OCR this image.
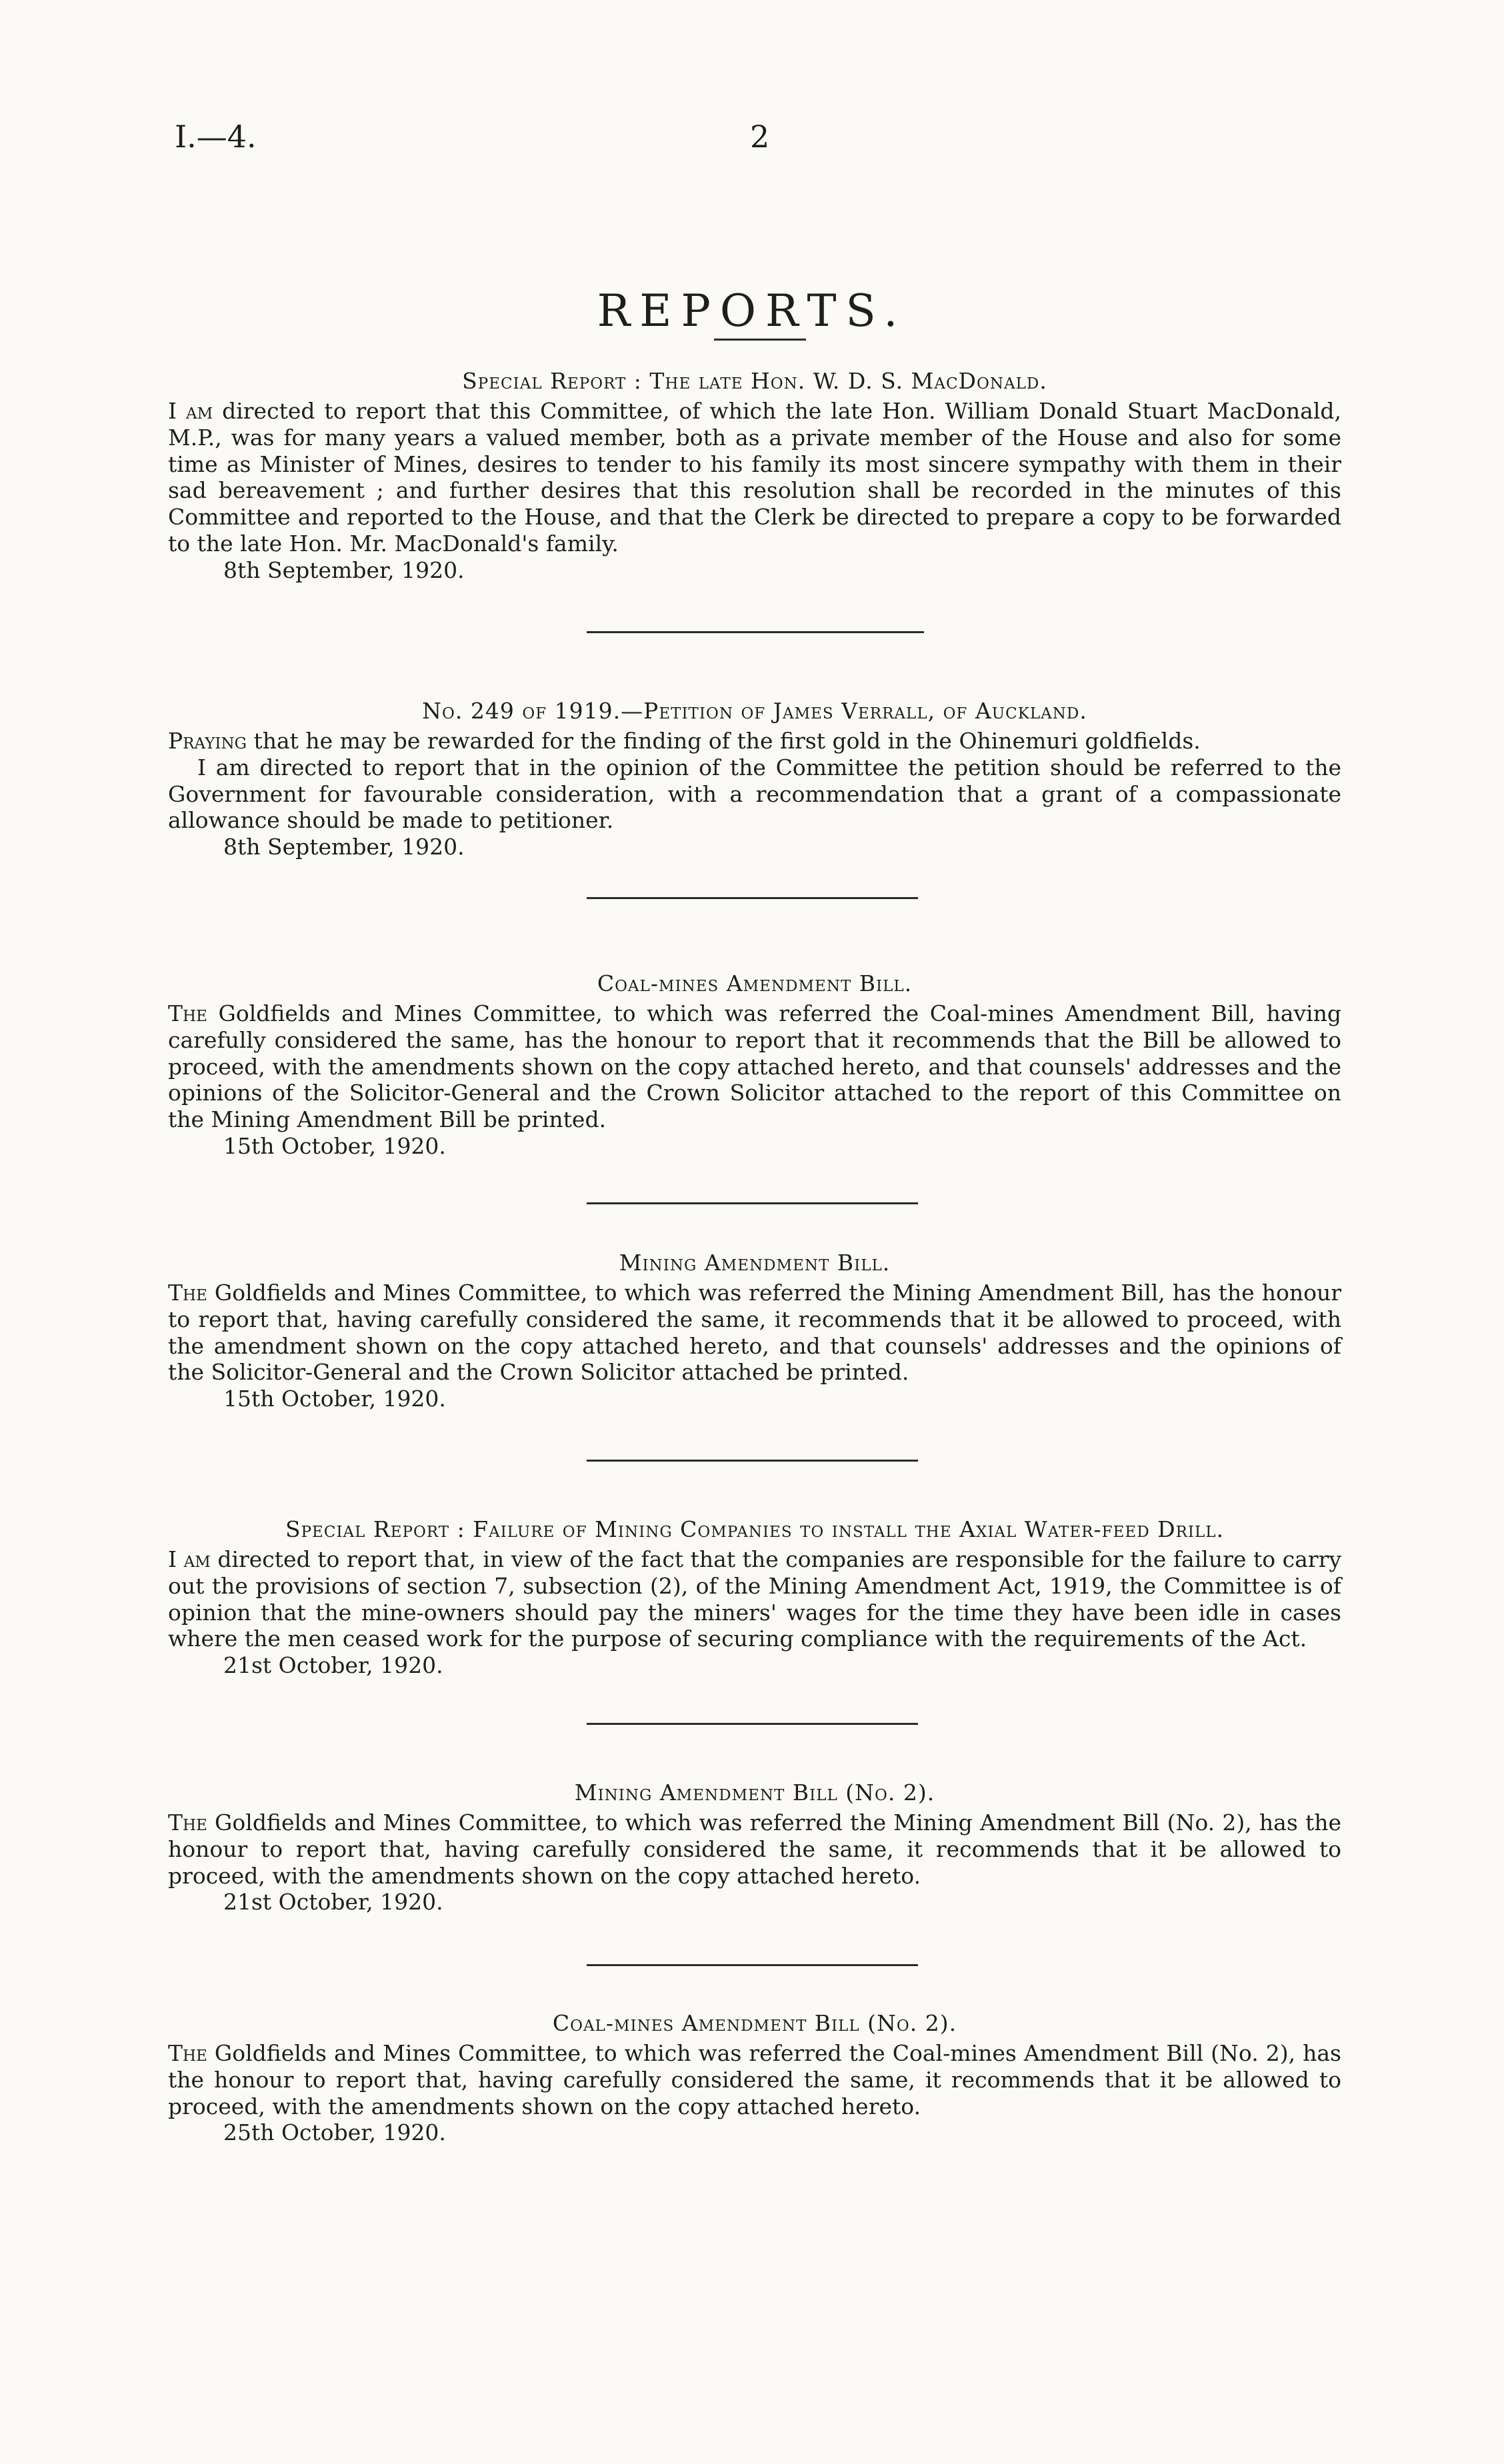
I.—4.	2
REPORTS.
Special Report : The late Hon. W. D. S. MacDonald.

I am directed to report that this Committee, of which the late Hon. William Donald Stuart MacDonald, M.P., was for many years a valued member, both as a private member of the House and also for some time as Minister of Mines, desires to tender to his family its most sincere sympathy with them in their sad bereavement ; and further desires that this resolution shall be recorded in the minutes of this Committee and reported to the House, and that the Clerk be directed to prepare a copy to be forwarded to the late Hon. Mr. MacDonald's family.

8th September, 1920.
No. 249 of 1919.—Petition of James Verrall, of Auckland.

Praying that he may be rewarded for the finding of the first gold in the Ohinemuri goldfields.

I am directed to report that in the opinion of the Committee the petition should be referred to the Government for favourable consideration, with a recommendation that a grant of a compassionate allowance should be made to petitioner.

8th September, 1920.
Coal-mines Amendment Bill.

The Goldfields and Mines Committee, to which was referred the Coal-mines Amendment Bill, having carefully considered the same, has the honour to report that it recommends that the Bill be allowed to proceed, with the amendments shown on the copy attached hereto, and that counsels' addresses and the opinions of the Solicitor-General and the Crown Solicitor attached to the report of this Committee on the Mining Amendment Bill be printed.

15th October, 1920.
Mining Amendment Bill.

The Goldfields and Mines Committee, to which was referred the Mining Amendment Bill, has the honour to report that, having carefully considered the same, it recommends that it be allowed to proceed, with the amendment shown on the copy attached hereto, and that counsels' addresses and the opinions of the Solicitor-General and the Crown Solicitor attached be printed.

15th October, 1920.
Special Report : Failure of Mining Companies to install the Axial Water-feed Drill.

I am directed to report that, in view of the fact that the companies are responsible for the failure to carry out the provisions of section 7, subsection (2), of the Mining Amendment Act, 1919, the Committee is of opinion that the mine-owners should pay the miners' wages for the time they have been idle in cases where the men ceased work for the purpose of securing compliance with the requirements of the Act.

21st October, 1920.
Mining Amendment Bill (No. 2).

The Goldfields and Mines Committee, to which was referred the Mining Amendment Bill (No. 2), has the honour to report that, having carefully considered the same, it recommends that it be allowed to proceed, with the amendments shown on the copy attached hereto.

21st October, 1920.
Coal-mines Amendment Bill (No. 2).

The Goldfields and Mines Committee, to which was referred the Coal-mines Amendment Bill (No. 2), has the honour to report that, having carefully considered the same, it recommends that it be allowed to proceed, with the amendments shown on the copy attached hereto.

25th October, 1920.
